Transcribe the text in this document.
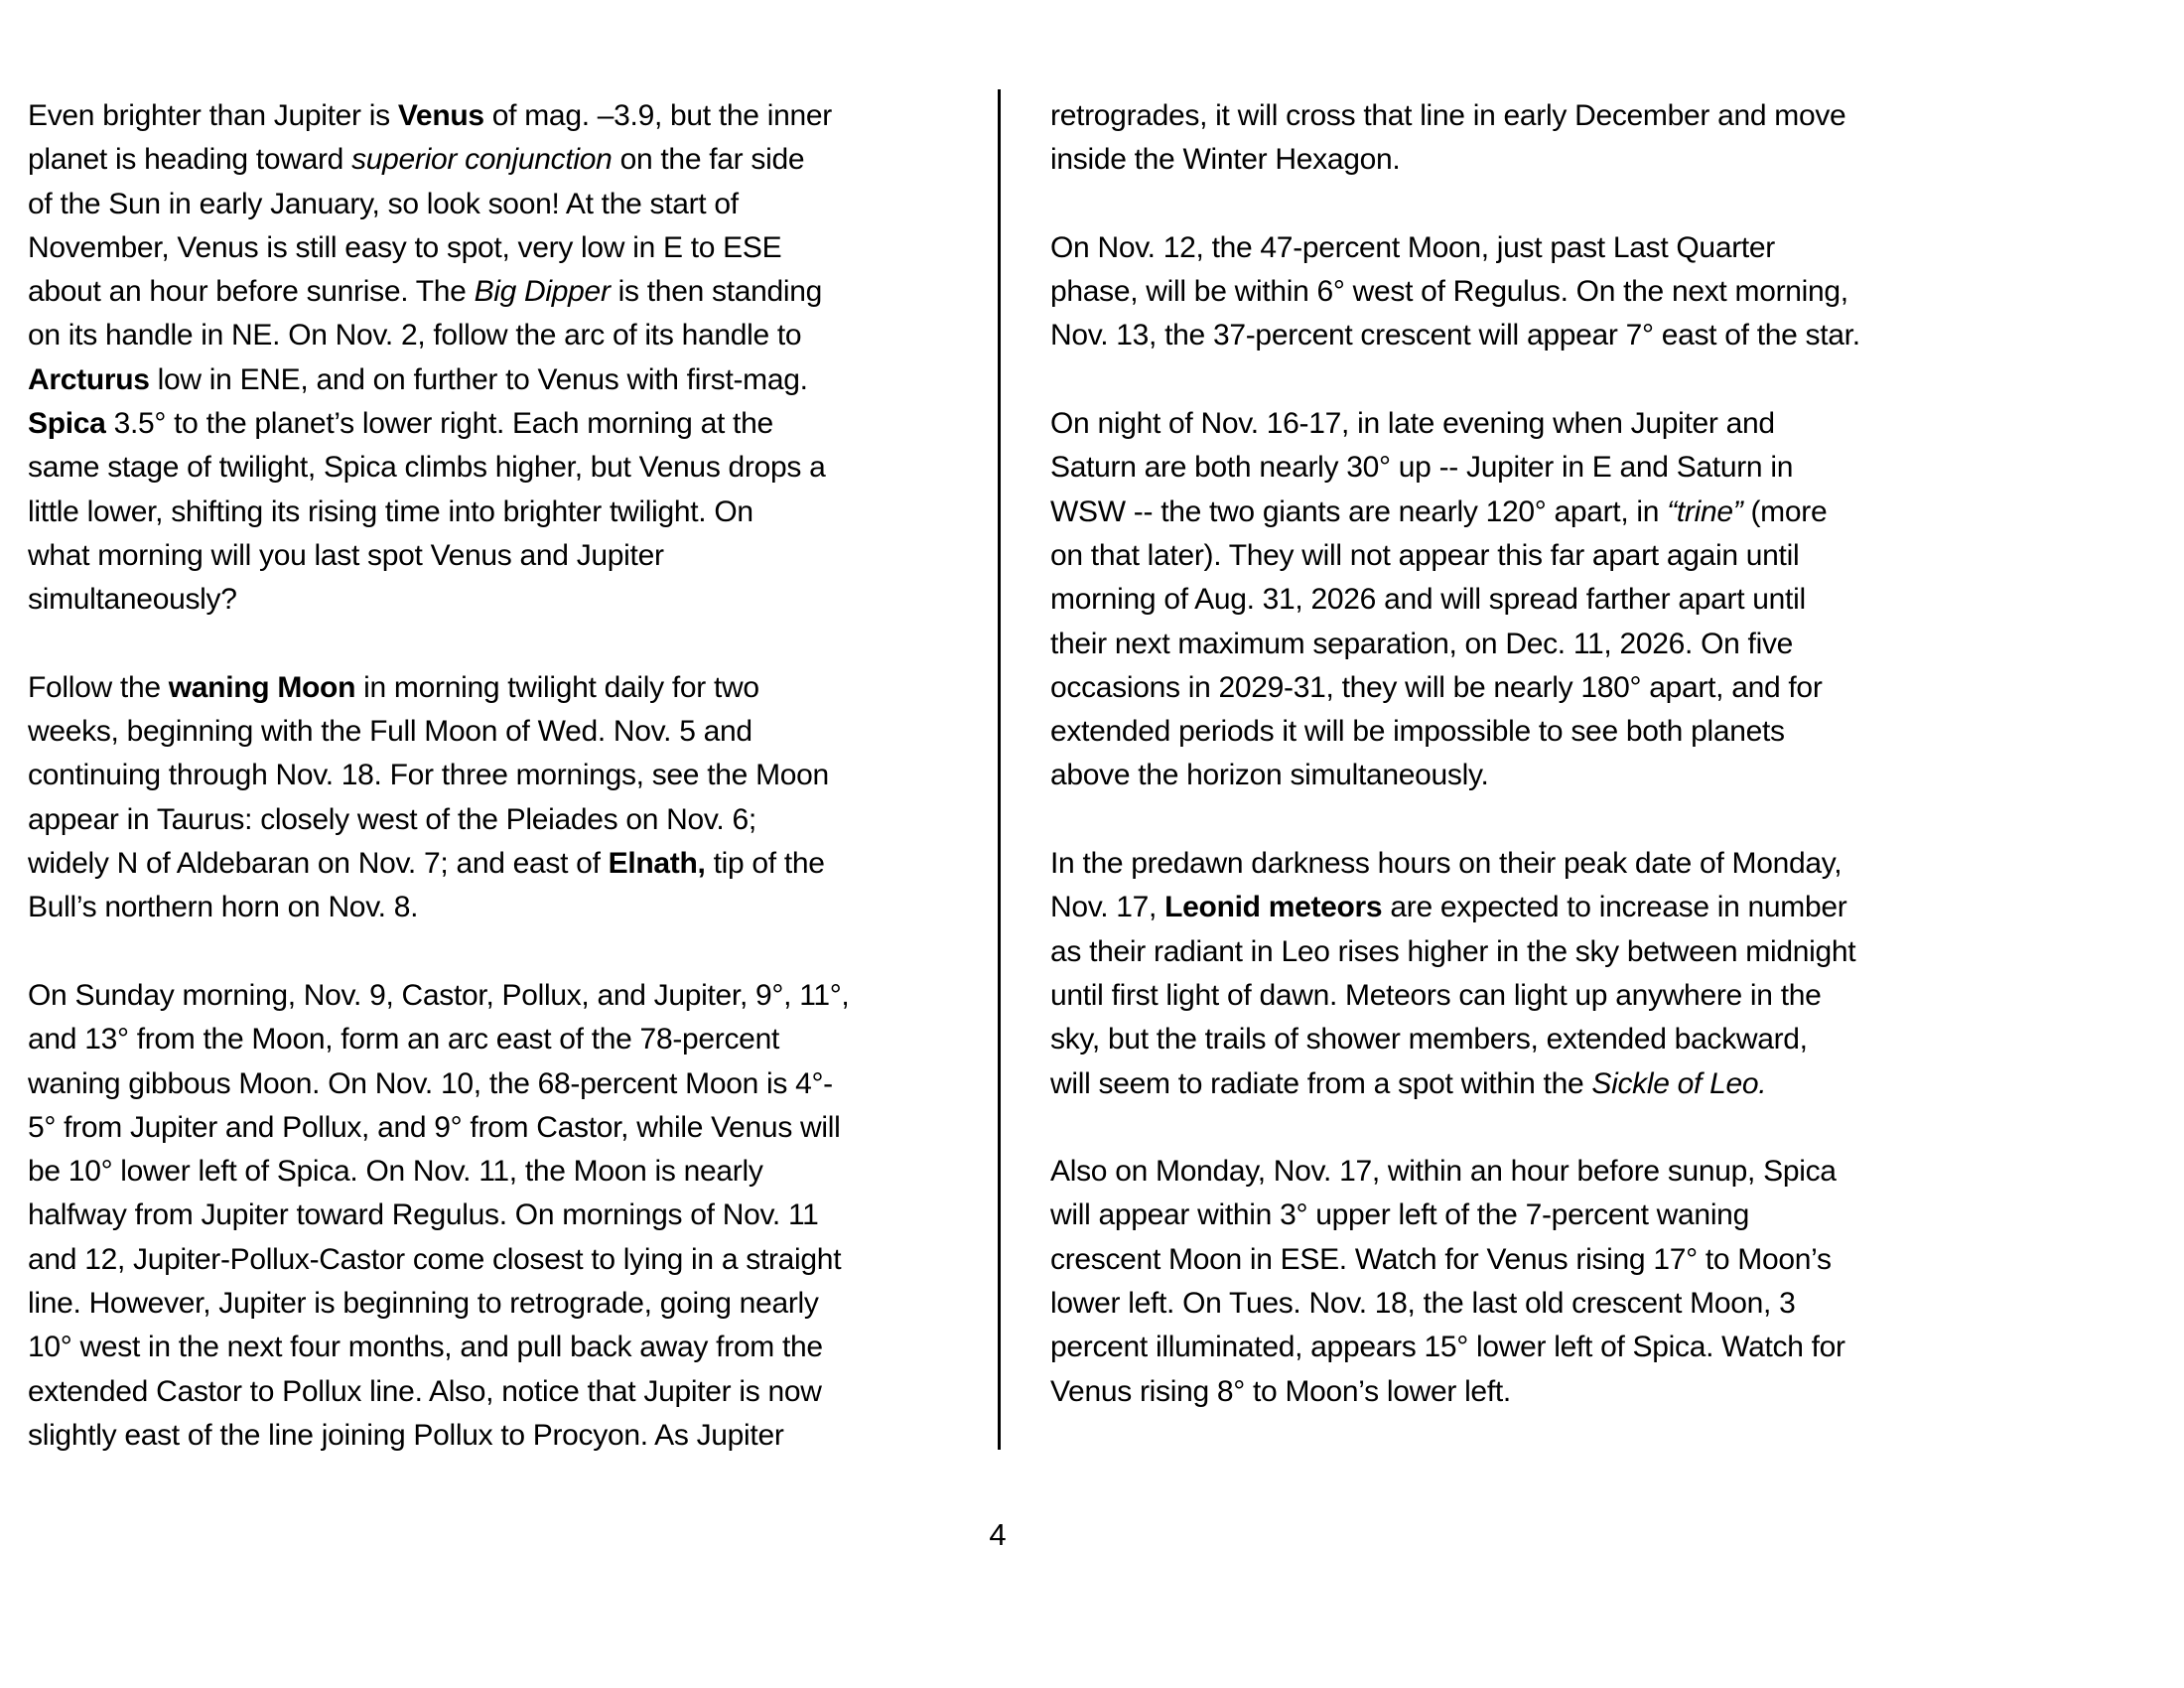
Even brighter than Jupiter is Venus of mag. –3.9, but the inner
planet is heading toward superior conjunction on the far side
of the Sun in early January, so look soon! At the start of
November, Venus is still easy to spot, very low in E to ESE
about an hour before sunrise. The Big Dipper is then standing
on its handle in NE. On Nov. 2, follow the arc of its handle to
Arcturus low in ENE, and on further to Venus with first-mag.
Spica 3.5° to the planet’s lower right. Each morning at the
same stage of twilight, Spica climbs higher, but Venus drops a
little lower, shifting its rising time into brighter twilight. On
what morning will you last spot Venus and Jupiter
simultaneously?
Follow the waning Moon in morning twilight daily for two
weeks, beginning with the Full Moon of Wed. Nov. 5 and
continuing through Nov. 18. For three mornings, see the Moon
appear in Taurus: closely west of the Pleiades on Nov. 6;
widely N of Aldebaran on Nov. 7; and east of Elnath, tip of the
Bull’s northern horn on Nov. 8.
On Sunday morning, Nov. 9, Castor, Pollux, and Jupiter, 9°, 11°,
and 13° from the Moon, form an arc east of the 78-percent
waning gibbous Moon. On Nov. 10, the 68-percent Moon is 4°-
5° from Jupiter and Pollux, and 9° from Castor, while Venus will
be 10° lower left of Spica. On Nov. 11, the Moon is nearly
halfway from Jupiter toward Regulus. On mornings of Nov. 11
and 12, Jupiter-Pollux-Castor come closest to lying in a straight
line. However, Jupiter is beginning to retrograde, going nearly
10° west in the next four months, and pull back away from the
extended Castor to Pollux line. Also, notice that Jupiter is now
slightly east of the line joining Pollux to Procyon. As Jupiter
retrogrades, it will cross that line in early December and move
inside the Winter Hexagon.
On Nov. 12, the 47-percent Moon, just past Last Quarter
phase, will be within 6° west of Regulus. On the next morning,
Nov. 13, the 37-percent crescent will appear 7° east of the star.
On night of Nov. 16-17, in late evening when Jupiter and
Saturn are both nearly 30° up -- Jupiter in E and Saturn in
WSW -- the two giants are nearly 120° apart, in “trine” (more
on that later). They will not appear this far apart again until
morning of Aug. 31, 2026 and will spread farther apart until
their next maximum separation, on Dec. 11, 2026. On five
occasions in 2029-31, they will be nearly 180° apart, and for
extended periods it will be impossible to see both planets
above the horizon simultaneously.
In the predawn darkness hours on their peak date of Monday,
Nov. 17, Leonid meteors are expected to increase in number
as their radiant in Leo rises higher in the sky between midnight
until first light of dawn. Meteors can light up anywhere in the
sky, but the trails of shower members, extended backward,
will seem to radiate from a spot within the Sickle of Leo.
Also on Monday, Nov. 17, within an hour before sunup, Spica
will appear within 3° upper left of the 7-percent waning
crescent Moon in ESE. Watch for Venus rising 17° to Moon’s
lower left. On Tues. Nov. 18, the last old crescent Moon, 3
percent illuminated, appears 15° lower left of Spica. Watch for
Venus rising 8° to Moon’s lower left.
4
